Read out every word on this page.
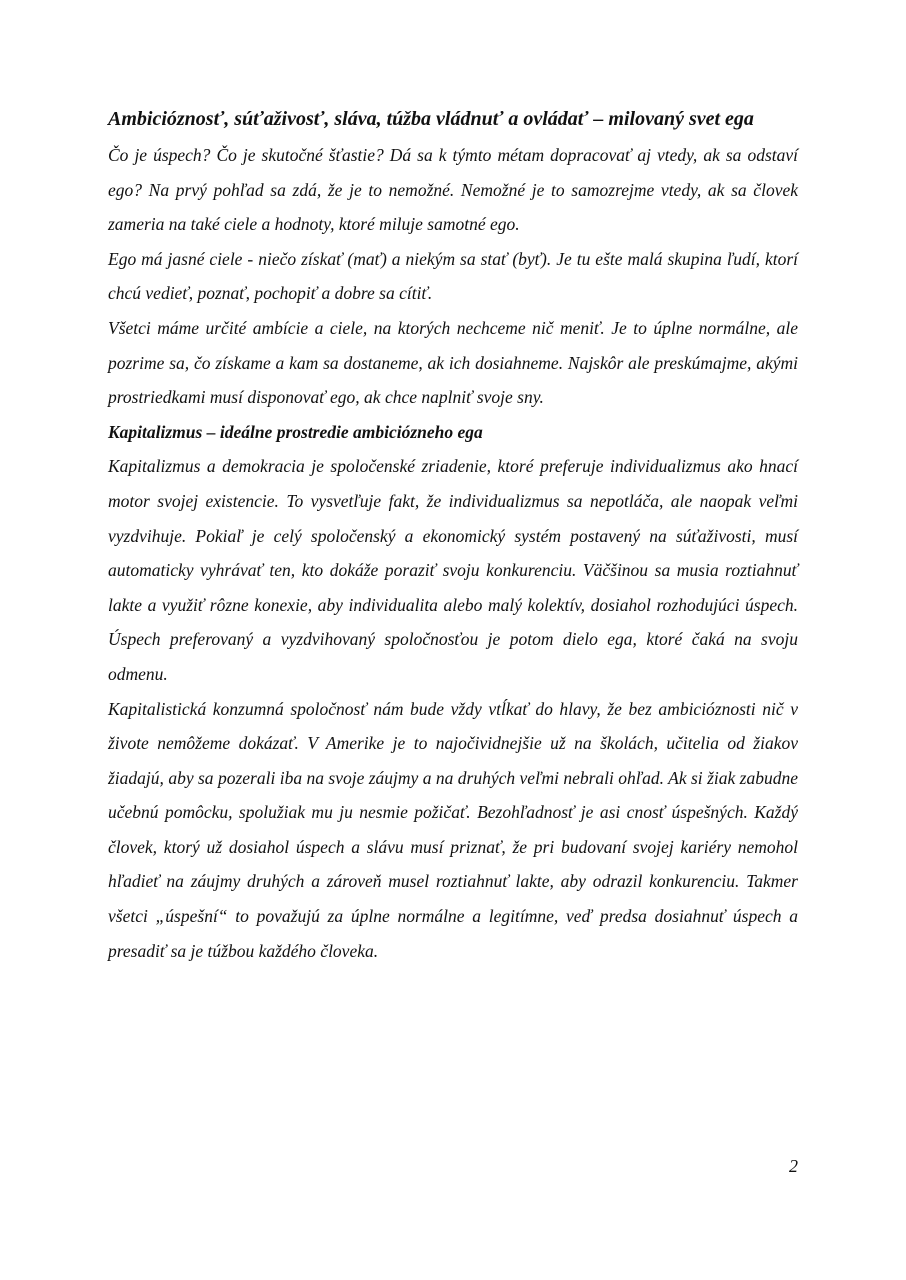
Ambicióznosť, súťaživosť, sláva, túžba vládnuť a ovládať – milovaný svet ega

Čo je úspech? Čo je skutočné šťastie? Dá sa k týmto métam dopracovať aj vtedy, ak sa odstaví ego? Na prvý pohľad sa zdá, že je to nemožné. Nemožné je to samozrejme vtedy, ak sa človek zameria na také ciele a hodnoty, ktoré miluje samotné ego.

Ego má jasné ciele - niečo získať (mať) a niekým sa stať (byť). Je tu ešte malá skupina ľudí, ktorí chcú vedieť, poznať, pochopiť a dobre sa cítiť.

Všetci máme určité ambície a ciele, na ktorých nechceme nič meniť. Je to úplne normálne, ale pozrime sa, čo získame a kam sa dostaneme, ak ich dosiahneme. Najskôr ale preskúmajme, akými prostriedkami musí disponovať ego, ak chce naplniť svoje sny.

Kapitalizmus – ideálne prostredie ambiciózneho ega

Kapitalizmus a demokracia je spoločenské zriadenie, ktoré preferuje individualizmus ako hnací motor svojej existencie. To vysvetľuje fakt, že individualizmus sa nepotláča, ale naopak veľmi vyzdvihuje. Pokiaľ je celý spoločenský a ekonomický systém postavený na súťaživosti, musí automaticky vyhrávať ten, kto dokáže poraziť svoju konkurenciu. Väčšinou sa musia roztiahnuť lakte a využiť rôzne konexie, aby individualita alebo malý kolektív, dosiahol rozhodujúci úspech. Úspech preferovaný a vyzdvihovaný spoločnosťou je potom dielo ega, ktoré čaká na svoju odmenu.

Kapitalistická konzumná spoločnosť nám bude vždy vtĺkať do hlavy, že bez ambicióznosti nič v živote nemôžeme dokázať. V Amerike je to najočividnejšie už na školách, učitelia od žiakov žiadajú, aby sa pozerali iba na svoje záujmy a na druhých veľmi nebrali ohľad. Ak si žiak zabudne učebnú pomôcku, spolužiak mu ju nesmie požičať. Bezohľadnosť je asi cnosť úspešných. Každý človek, ktorý už dosiahol úspech a slávu musí priznať, že pri budovaní svojej kariéry nemohol hľadieť na záujmy druhých a zároveň musel roztiahnuť lakte, aby odrazil konkurenciu. Takmer všetci „úspešní“ to považujú za úplne normálne a legitímne, veď predsa dosiahnuť úspech a presadiť sa je túžbou každého človeka.

2
